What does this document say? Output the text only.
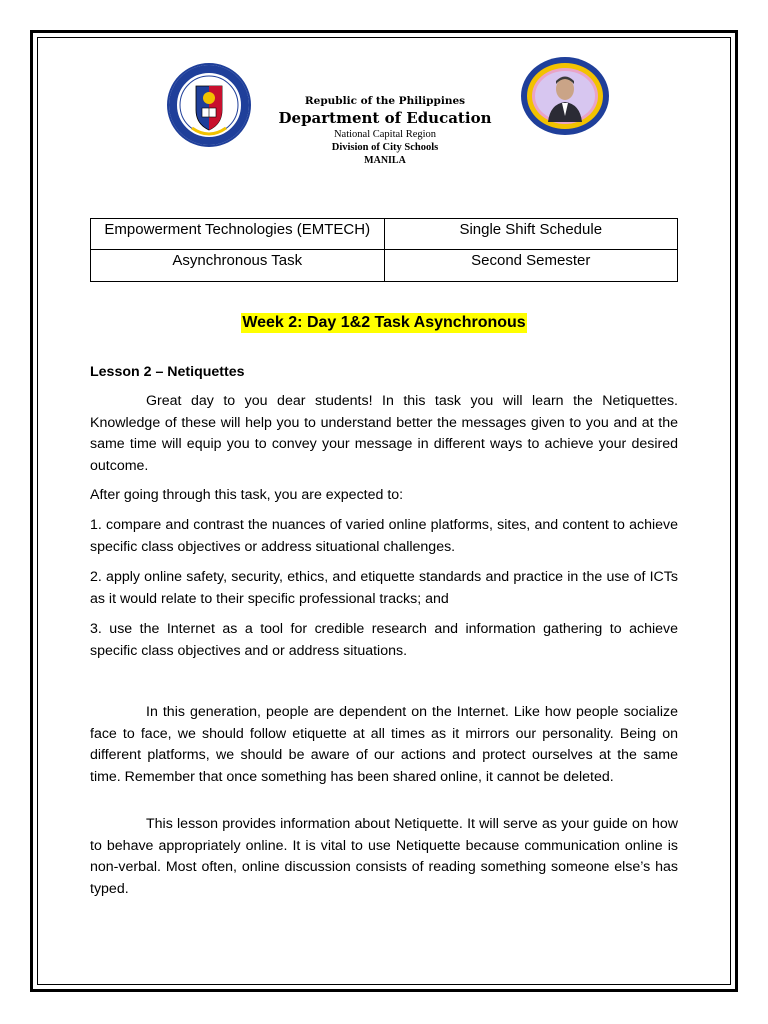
Republic of the Philippines
Department of Education
National Capital Region
Division of City Schools
MANILA
Empowerment Technologies (EMTECH)	Single Shift Schedule
Asynchronous Task	Second Semester
Week 2: Day 1&2 Task Asynchronous
Lesson 2 – Netiquettes
Great day to you dear students! In this task you will learn the Netiquettes. Knowledge of these will help you to understand better the messages given to you and at the same time will equip you to convey your message in different ways to achieve your desired outcome.
After going through this task, you are expected to:
1. compare and contrast the nuances of varied online platforms, sites, and content to achieve specific class objectives or address situational challenges.
2. apply online safety, security, ethics, and etiquette standards and practice in the use of ICTs as it would relate to their specific professional tracks; and
3. use the Internet as a tool for credible research and information gathering to achieve specific class objectives and or address situations.
In this generation, people are dependent on the Internet. Like how people socialize face to face, we should follow etiquette at all times as it mirrors our personality. Being on different platforms, we should be aware of our actions and protect ourselves at the same time. Remember that once something has been shared online, it cannot be deleted.
This lesson provides information about Netiquette. It will serve as your guide on how to behave appropriately online. It is vital to use Netiquette because communication online is non-verbal. Most often, online discussion consists of reading something someone else’s has typed.
